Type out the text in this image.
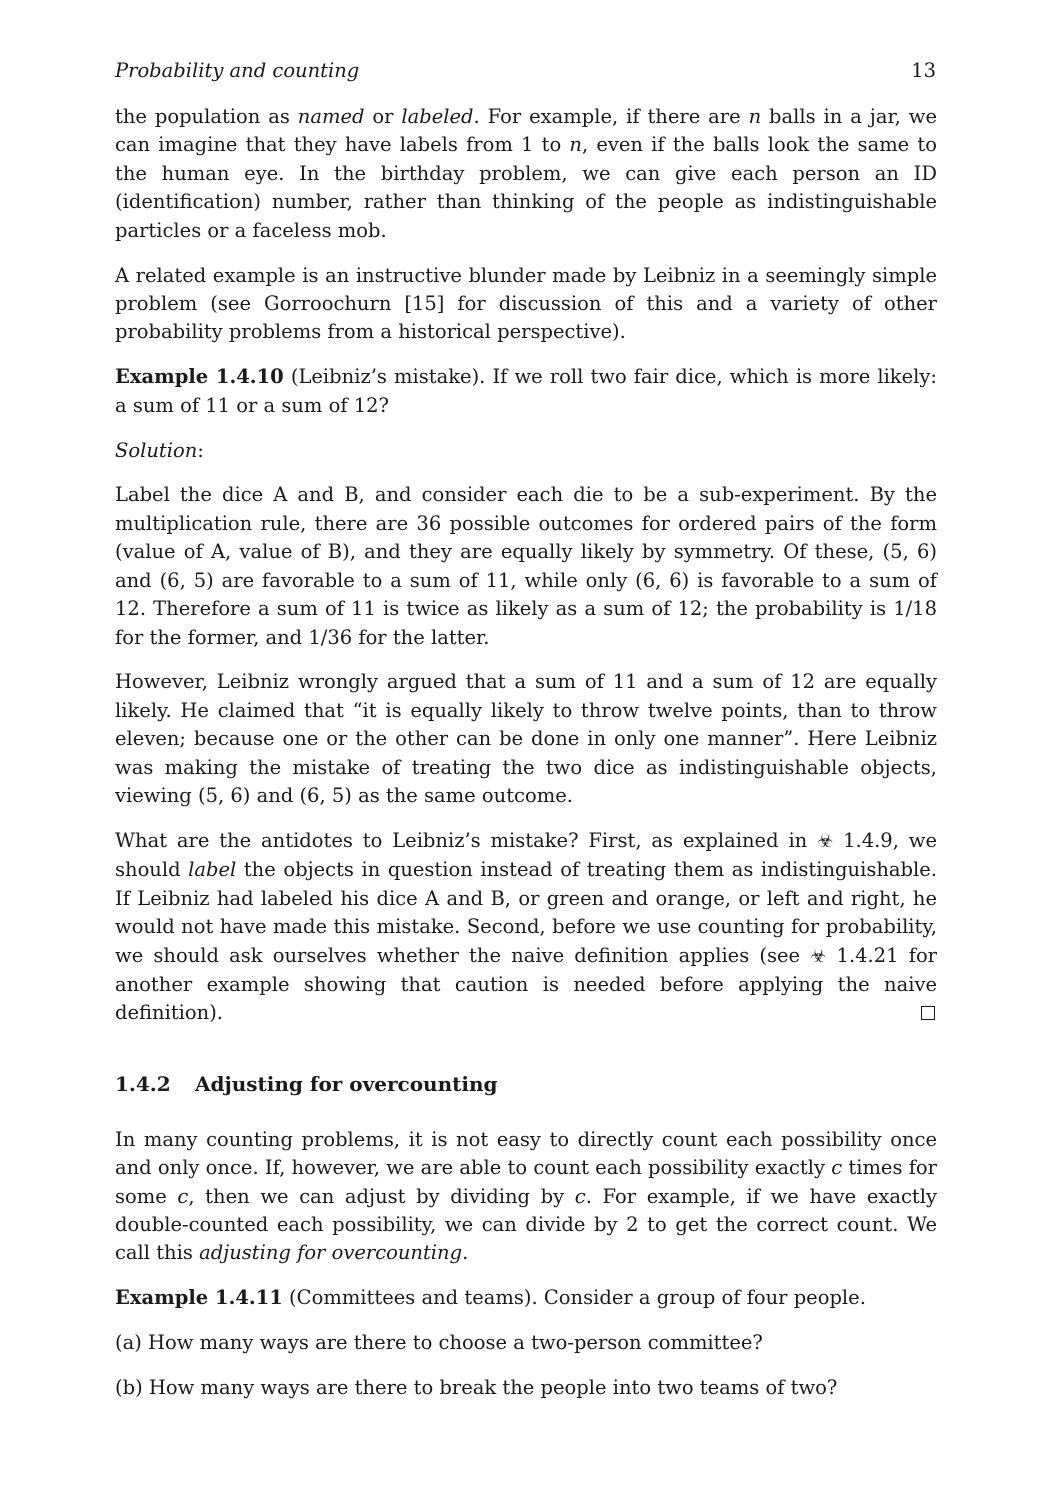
Probability and counting	13

the population as named or labeled. For example, if there are n balls in a jar, we can imagine that they have labels from 1 to n, even if the balls look the same to the human eye. In the birthday problem, we can give each person an ID (identification) number, rather than thinking of the people as indistinguishable particles or a faceless mob.

A related example is an instructive blunder made by Leibniz in a seemingly simple problem (see Gorroochurn [15] for discussion of this and a variety of other probability problems from a historical perspective).

Example 1.4.10 (Leibniz’s mistake). If we roll two fair dice, which is more likely: a sum of 11 or a sum of 12?

Solution:

Label the dice A and B, and consider each die to be a sub-experiment. By the multiplication rule, there are 36 possible outcomes for ordered pairs of the form (value of A, value of B), and they are equally likely by symmetry. Of these, (5, 6) and (6, 5) are favorable to a sum of 11, while only (6, 6) is favorable to a sum of 12. Therefore a sum of 11 is twice as likely as a sum of 12; the probability is 1/18 for the former, and 1/36 for the latter.

However, Leibniz wrongly argued that a sum of 11 and a sum of 12 are equally likely. He claimed that “it is equally likely to throw twelve points, than to throw eleven; because one or the other can be done in only one manner”. Here Leibniz was making the mistake of treating the two dice as indistinguishable objects, viewing (5, 6) and (6, 5) as the same outcome.

What are the antidotes to Leibniz’s mistake? First, as explained in ☣ 1.4.9, we should label the objects in question instead of treating them as indistinguishable. If Leibniz had labeled his dice A and B, or green and orange, or left and right, he would not have made this mistake. Second, before we use counting for probability, we should ask ourselves whether the naive definition applies (see ☣ 1.4.21 for another example showing that caution is needed before applying the naive definition).

1.4.2 Adjusting for overcounting

In many counting problems, it is not easy to directly count each possibility once and only once. If, however, we are able to count each possibility exactly c times for some c, then we can adjust by dividing by c. For example, if we have exactly double-counted each possibility, we can divide by 2 to get the correct count. We call this adjusting for overcounting.

Example 1.4.11 (Committees and teams). Consider a group of four people.

(a) How many ways are there to choose a two-person committee?

(b) How many ways are there to break the people into two teams of two?
